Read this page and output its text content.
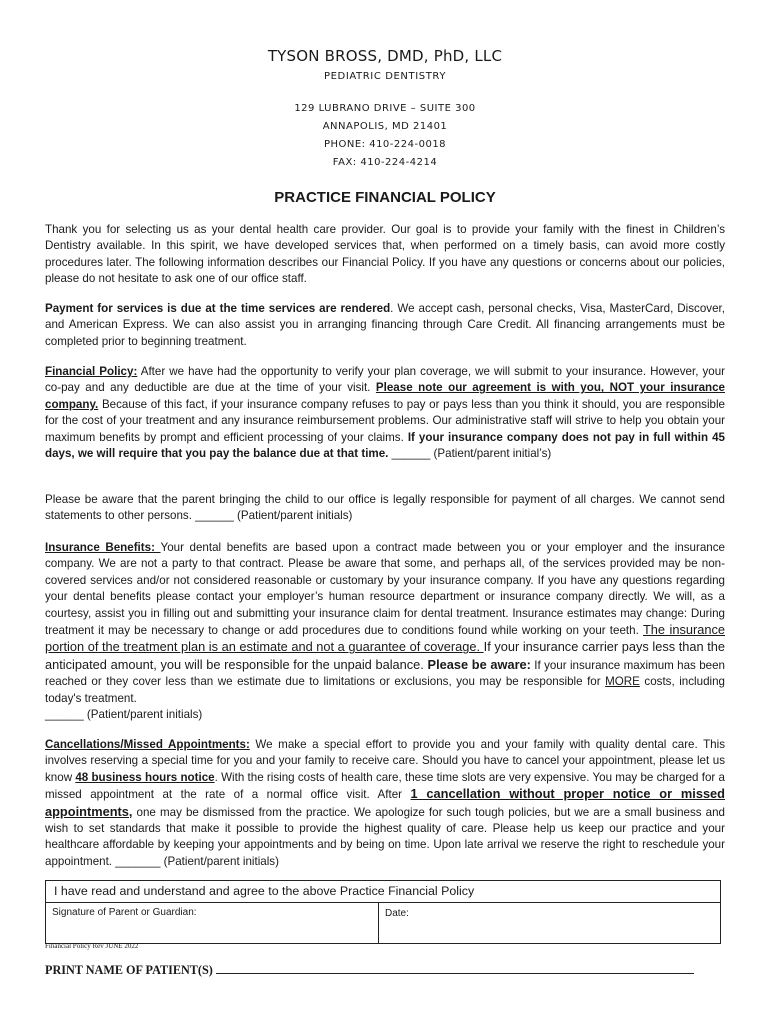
TYSON BROSS, DMD, PhD, LLC
PEDIATRIC DENTISTRY
129 LUBRANO DRIVE – SUITE 300
ANNAPOLIS, MD 21401
PHONE: 410-224-0018
FAX: 410-224-4214
PRACTICE FINANCIAL POLICY

Thank you for selecting us as your dental health care provider. Our goal is to provide your family with the finest in Children’s Dentistry available. In this spirit, we have developed services that, when performed on a timely basis, can avoid more costly procedures later. The following information describes our Financial Policy. If you have any questions or concerns about our policies, please do not hesitate to ask one of our office staff.

Payment for services is due at the time services are rendered. We accept cash, personal checks, Visa, MasterCard, Discover, and American Express. We can also assist you in arranging financing through Care Credit. All financing arrangements must be completed prior to beginning treatment.

Financial Policy: After we have had the opportunity to verify your plan coverage, we will submit to your insurance. However, your co-pay and any deductible are due at the time of your visit. Please note our agreement is with you, NOT your insurance company. Because of this fact, if your insurance company refuses to pay or pays less than you think it should, you are responsible for the cost of your treatment and any insurance reimbursement problems. Our administrative staff will strive to help you obtain your maximum benefits by prompt and efficient processing of your claims. If your insurance company does not pay in full within 45 days, we will require that you pay the balance due at that time. ______ (Patient/parent initial’s)

Please be aware that the parent bringing the child to our office is legally responsible for payment of all charges. We cannot send statements to other persons. ______ (Patient/parent initials)

Insurance Benefits: Your dental benefits are based upon a contract made between you or your employer and the insurance company. We are not a party to that contract. Please be aware that some, and perhaps all, of the services provided may be non-covered services and/or not considered reasonable or customary by your insurance company. If you have any questions regarding your dental benefits please contact your employer’s human resource department or insurance company directly. We will, as a courtesy, assist you in filling out and submitting your insurance claim for dental treatment. Insurance estimates may change: During treatment it may be necessary to change or add procedures due to conditions found while working on your teeth. The insurance portion of the treatment plan is an estimate and not a guarantee of coverage. If your insurance carrier pays less than the anticipated amount, you will be responsible for the unpaid balance. Please be aware: If your insurance maximum has been reached or they cover less than we estimate due to limitations or exclusions, you may be responsible for MORE costs, including today's treatment.
______ (Patient/parent initials)

Cancellations/Missed Appointments: We make a special effort to provide you and your family with quality dental care. This involves reserving a special time for you and your family to receive care. Should you have to cancel your appointment, please let us know 48 business hours notice. With the rising costs of health care, these time slots are very expensive. You may be charged for a missed appointment at the rate of a normal office visit. After 1 cancellation without proper notice or missed appointments, one may be dismissed from the practice. We apologize for such tough policies, but we are a small business and wish to set standards that make it possible to provide the highest quality of care. Please help us keep our practice and your healthcare affordable by keeping your appointments and by being on time. Upon late arrival we reserve the right to reschedule your appointment. _______ (Patient/parent initials)

I have read and understand and agree to the above Practice Financial Policy
Signature of Parent or Guardian:	Date:
Financial Policy Rev JUNE 2022
PRINT NAME OF PATIENT(S)
